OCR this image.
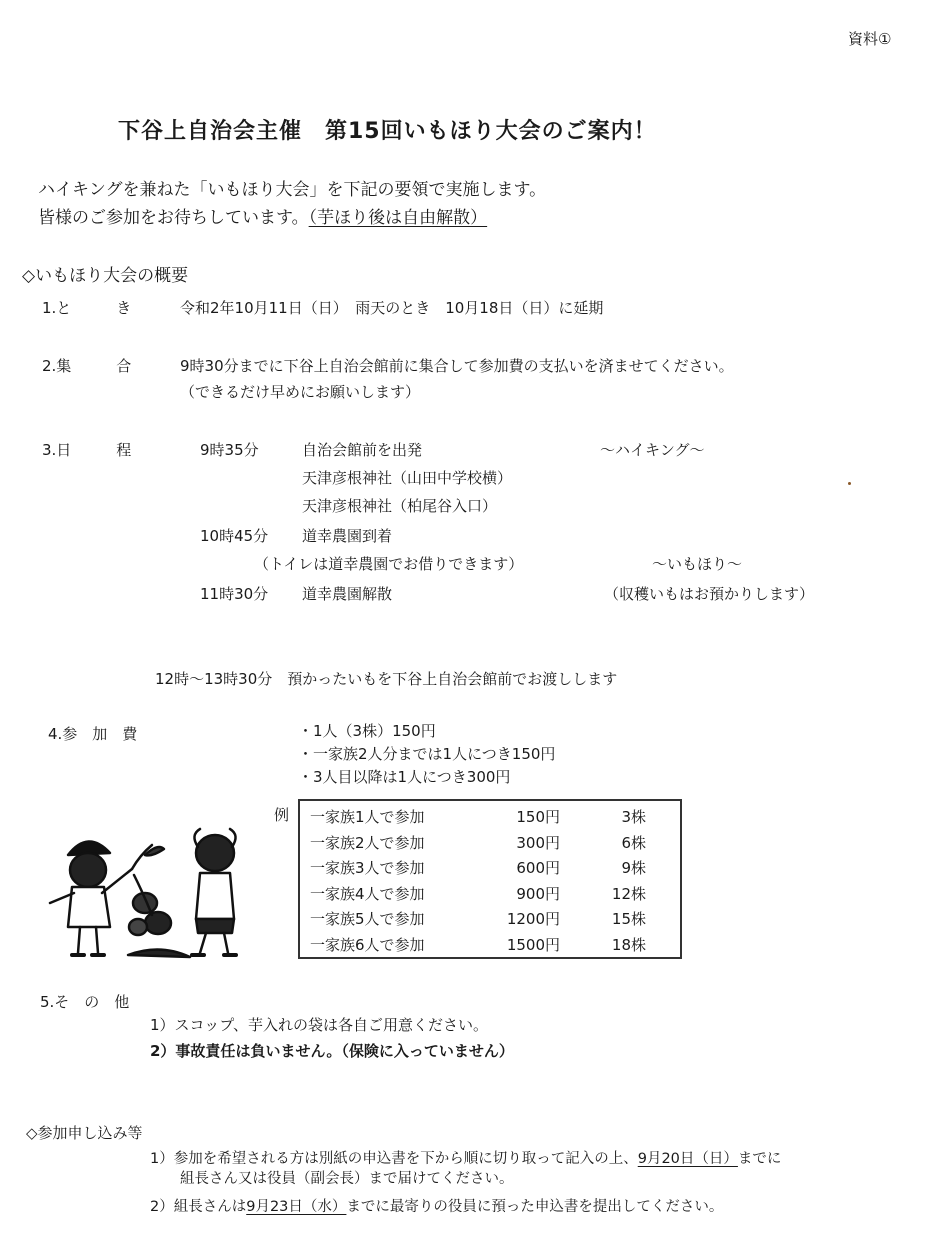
資料①
下谷上自治会主催　第15回いもほり大会のご案内！
ハイキングを兼ねた「いもほり大会」を下記の要領で実施します。
皆様のご参加をお待ちしています。（芋ほり後は自由解散）
◇いもほり大会の概要
1.と　　　き	令和2年10月11日（日）　雨天のとき　10月18日（日）に延期
2.集　　　合	9時30分までに下谷上自治会館前に集合して参加費の支払いを済ませてください。
（できるだけ早めにお願いします）
3.日　　　程	9時35分	自治会館前を出発	～ハイキング～
天津彦根神社（山田中学校横）
天津彦根神社（柏尾谷入口）
10時45分 道幸農園到着
（トイレは道幸農園でお借りできます）	～いもほり～
11時30分 道幸農園解散	（収穫いもはお預かりします）
12時～13時30分　預かったいもを下谷上自治会館前でお渡しします
4.参　加　費	・1人（3株）150円
・一家族2人分までは1人につき150円
・3人目以降は1人につき300円
例 一家族1人で参加	150円	3株
一家族2人で参加	300円	6株
一家族3人で参加	600円	9株
一家族4人で参加	900円	12株
一家族5人で参加	1200円	15株
一家族6人で参加	1500円	18株
5.そ　の　他
1）スコップ、芋入れの袋は各自ご用意ください。
2）事故責任は負いません。（保険に入っていません）
◇参加申し込み等
1）参加を希望される方は別紙の申込書を下から順に切り取って記入の上、9月20日（日）までに
組長さん又は役員（副会長）まで届けてください。
2）組長さんは9月23日（水）までに最寄りの役員に預った申込書を提出してください。
